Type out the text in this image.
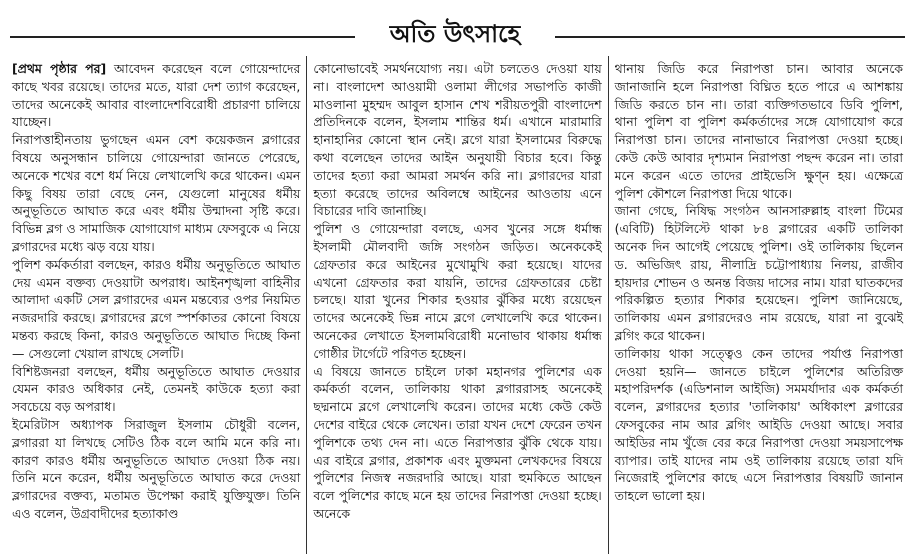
অতি উৎসাহে

[প্রথম পৃষ্ঠার পর] আবেদন করেছেন বলে গোয়েন্দাদের কাছে খবর রয়েছে। তাদের মতে, যারা দেশ ত্যাগ করেছেন, তাদের অনেকেই আবার বাংলাদেশবিরোধী প্রচারণা চালিয়ে যাচ্ছেন।

নিরাপত্তাহীনতায় ভুগছেন এমন বেশ কয়েকজন ব্লগারের বিষয়ে অনুসন্ধান চালিয়ে গোয়েন্দারা জানতে পেরেছে, অনেকে শখের বশে ধর্ম নিয়ে লেখালেখি করে থাকেন। এমন কিছু বিষয় তারা বেছে নেন, যেগুলো মানুষের ধর্মীয় অনুভূতিতে আঘাত করে এবং ধর্মীয় উন্মাদনা সৃষ্টি করে। বিভিন্ন ব্লগ ও সামাজিক যোগাযোগ মাধ্যম ফেসবুকে এ নিয়ে ব্লগারদের মধ্যে ঝড় বয়ে যায়।

পুলিশ কর্মকর্তারা বলছেন, কারও ধর্মীয় অনুভূতিতে আঘাত দেয় এমন বক্তব্য দেওয়াটা অপরাধ। আইনশৃঙ্খলা বাহিনীর আলাদা একটি সেল ব্লগারদের এমন মন্তব্যের ওপর নিয়মিত নজরদারি করছে। ব্লগারদের ব্লগে স্পর্শকাতর কোনো বিষয়ে মন্তব্য করছে কিনা, কারও অনুভূতিতে আঘাত দিচ্ছে কিনা— সেগুলো খেয়াল রাখছে সেলটি।

বিশিষ্টজনরা বলছেন, ধর্মীয় অনুভূতিতে আঘাত দেওয়ার যেমন কারও অধিকার নেই, তেমনই কাউকে হত্যা করা সবচেয়ে বড় অপরাধ।

ইমেরিটাস অধ্যাপক সিরাজুল ইসলাম চৌধুরী বলেন, ব্লগাররা যা লিখছে সেটিও ঠিক বলে আমি মনে করি না। কারণ কারও ধর্মীয় অনুভূতিতে আঘাত দেওয়া ঠিক নয়। তিনি মনে করেন, ধর্মীয় অনুভূতিতে আঘাত করে দেওয়া ব্লগারদের বক্তব্য, মতামত উপেক্ষা করাই যুক্তিযুক্ত। তিনি এও বলেন, উগ্রবাদীদের হত্যাকাণ্ড

কোনোভাবেই সমর্থনযোগ্য নয়। এটা চলতেও দেওয়া যায় না। বাংলাদেশ আওয়ামী ওলামা লীগের সভাপতি কাজী মাওলানা মুহম্মদ আবুল হাসান শেখ শরীয়তপুরী বাংলাদেশ প্রতিদিনকে বলেন, ইসলাম শান্তির ধর্ম। এখানে মারামারি হানাহানির কোনো স্থান নেই। ব্লগে যারা ইসলামের বিরুদ্ধে কথা বলেছেন তাদের আইন অনুযায়ী বিচার হবে। কিন্তু তাদের হত্যা করা আমরা সমর্থন করি না। ব্লগারদের যারা হত্যা করেছে তাদের অবিলম্বে আইনের আওতায় এনে বিচারের দাবি জানাচ্ছি।

পুলিশ ও গোয়েন্দারা বলছে, এসব খুনের সঙ্গে ধর্মান্ধ ইসলামী মৌলবাদী জঙ্গি সংগঠন জড়িত। অনেককেই গ্রেফতার করে আইনের মুখোমুখি করা হয়েছে। যাদের এখনো গ্রেফতার করা যায়নি, তাদের গ্রেফতারের চেষ্টা চলছে। যারা খুনের শিকার হওয়ার ঝুঁকির মধ্যে রয়েছেন তাদের অনেকেই ভিন্ন নামে ব্লগে লেখালেখি করে থাকেন। অনেকের লেখাতে ইসলামবিরোধী মনোভাব থাকায় ধর্মান্ধ গোষ্ঠীর টার্গেটে পরিণত হচ্ছেন।

এ বিষয়ে জানতে চাইলে ঢাকা মহানগর পুলিশের এক কর্মকর্তা বলেন, তালিকায় থাকা ব্লগাররাসহ অনেকেই ছদ্মনামে ব্লগে লেখালেখি করেন। তাদের মধ্যে কেউ কেউ দেশের বাইরে থেকে লেখেন। তারা যখন দেশে ফেরেন তখন পুলিশকে তথ্য দেন না। এতে নিরাপত্তার ঝুঁকি থেকে যায়। এর বাইরে ব্লগার, প্রকাশক এবং মুক্তমনা লেখকদের বিষয়ে পুলিশের নিজস্ব নজরদারি আছে। যারা হুমকিতে আছেন বলে পুলিশের কাছে মনে হয় তাদের নিরাপত্তা দেওয়া হচ্ছে। অনেকে

থানায় জিডি করে নিরাপত্তা চান। আবার অনেকে জানাজানি হলে নিরাপত্তা বিঘ্নিত হতে পারে এ আশঙ্কায় জিডি করতে চান না। তারা ব্যক্তিগতভাবে ডিবি পুলিশ, থানা পুলিশ বা পুলিশ কর্মকর্তাদের সঙ্গে যোগাযোগ করে নিরাপত্তা চান। তাদের নানাভাবে নিরাপত্তা দেওয়া হচ্ছে। কেউ কেউ আবার দৃশ্যমান নিরাপত্তা পছন্দ করেন না। তারা মনে করেন এতে তাদের প্রাইভেসি ক্ষুণ্ন হয়। এক্ষেত্রে পুলিশ কৌশলে নিরাপত্তা দিয়ে থাকে।

জানা গেছে, নিষিদ্ধ সংগঠন আনসারুল্লাহ বাংলা টিমের (এবিটি) হিটলিস্টে থাকা ৮৪ ব্লগারের একটি তালিকা অনেক দিন আগেই পেয়েছে পুলিশ। ওই তালিকায় ছিলেন ড. অভিজিৎ রায়, নীলাদ্রি চট্টোপাধ্যায় নিলয়, রাজীব হায়দার শোভন ও অনন্ত বিজয় দাসের নাম। যারা ঘাতকদের পরিকল্পিত হত্যার শিকার হয়েছেন। পুলিশ জানিয়েছে, তালিকায় এমন ব্লগারদেরও নাম রয়েছে, যারা না বুঝেই ব্লগিং করে থাকেন।

তালিকায় থাকা সত্ত্বেও কেন তাদের পর্যাপ্ত নিরাপত্তা দেওয়া হয়নি— জানতে চাইলে পুলিশের অতিরিক্ত মহাপরিদর্শক (এডিশনাল আইজি) সমমর্যাদার এক কর্মকর্তা বলেন, ব্লগারদের হত্যার 'তালিকায়' অধিকাংশ ব্লগারের ফেসবুকের নাম আর ব্লগিং আইডি দেওয়া আছে। সবার আইডির নাম খুঁজে বের করে নিরাপত্তা দেওয়া সময়সাপেক্ষ ব্যাপার। তাই যাদের নাম ওই তালিকায় রয়েছে তারা যদি নিজেরাই পুলিশের কাছে এসে নিরাপত্তার বিষয়টি জানান তাহলে ভালো হয়।
